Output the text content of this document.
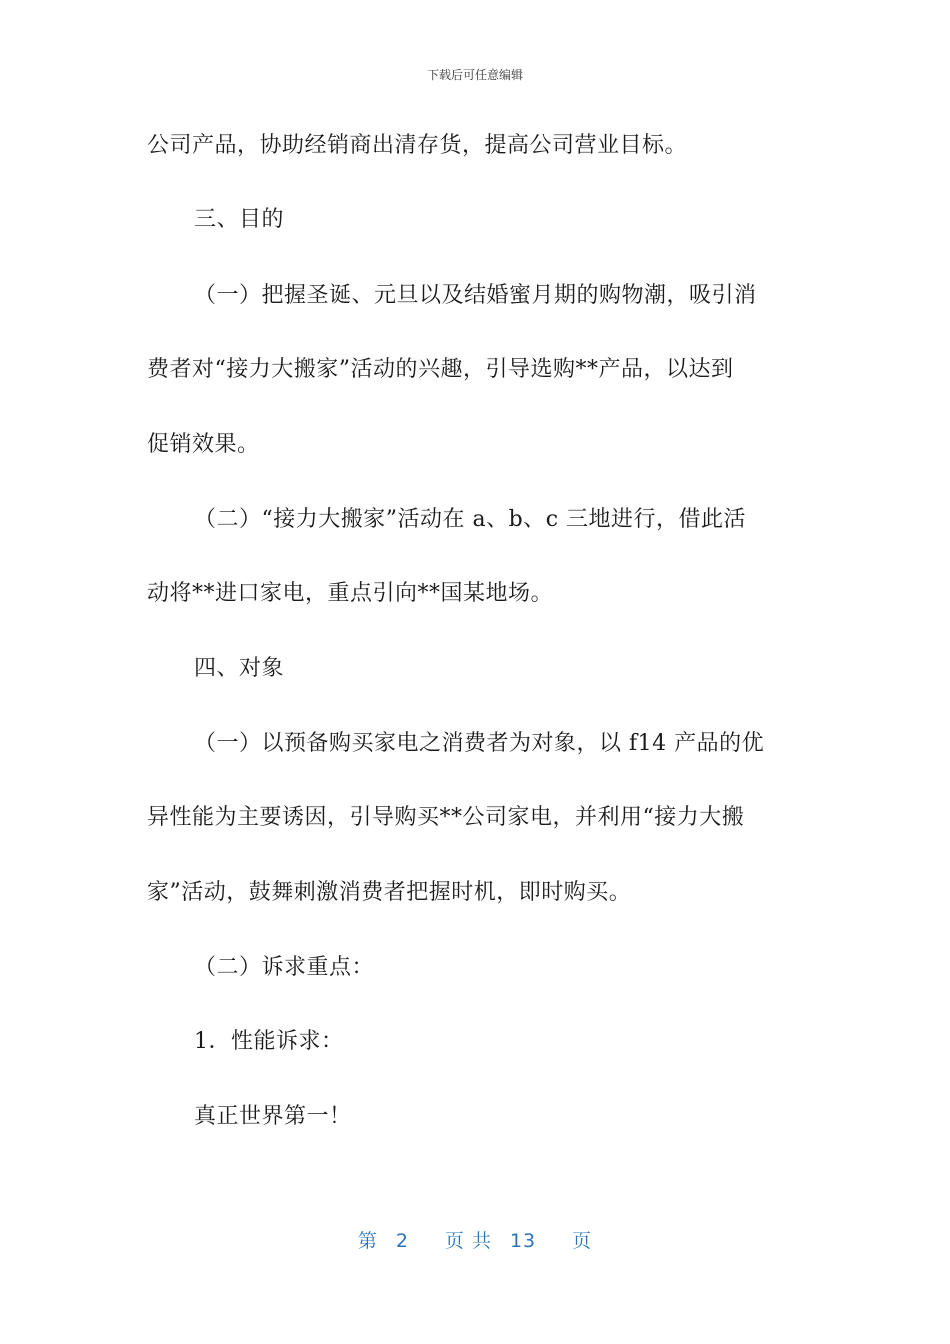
下载后可任意编辑
公司产品，协助经销商出清存货，提高公司营业目标。
三、目的
（一）把握圣诞、元旦以及结婚蜜月期的购物潮，吸引消
费者对“接力大搬家”活动的兴趣，引导选购**产品，以达到
促销效果。
（二）“接力大搬家”活动在 a、b、c 三地进行，借此活
动将**进口家电，重点引向**国某地场。
四、对象
（一）以预备购买家电之消费者为对象，以 f14 产品的优
异性能为主要诱因，引导购买**公司家电，并利用“接力大搬
家”活动，鼓舞刺激消费者把握时机，即时购买。
（二）诉求重点：
1．性能诉求：
真正世界第一！
第 2 页 共 13 页
